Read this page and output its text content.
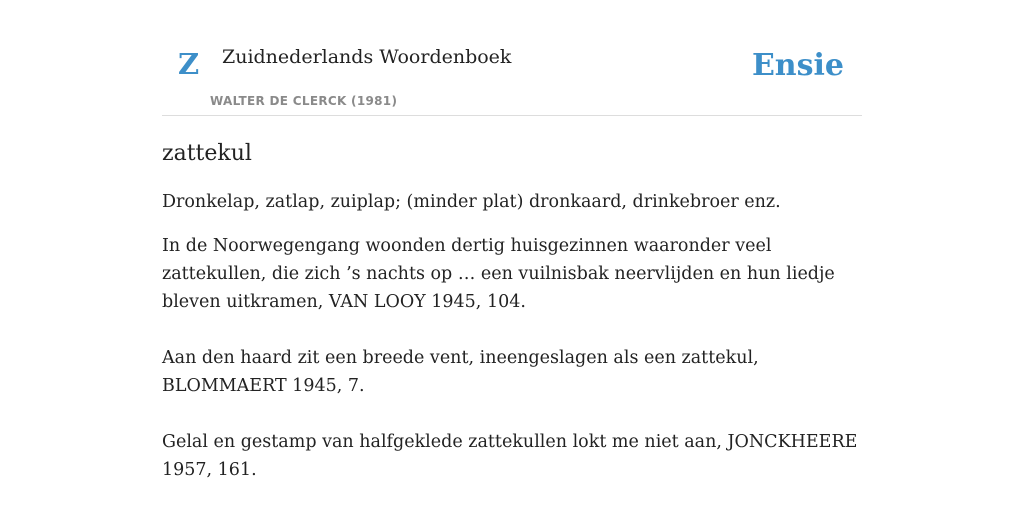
Z Zuidnederlands Woordenboek
WALTER DE CLERCK (1981)
Ensie
zattekul

Dronkelap, zatlap, zuiplap; (minder plat) dronkaard, drinkebroer enz.

In de Noorwegengang woonden dertig huisgezinnen waaronder veel zattekullen, die zich ’s nachts op … een vuilnisbak neervlijden en hun liedje bleven uitkramen, VAN LOOY 1945, 104.

Aan den haard zit een breede vent, ineengeslagen als een zattekul, BLOMMAERT 1945, 7.

Gelal en gestamp van halfgeklede zattekullen lokt me niet aan, JONCKHEERE 1957, 161.
